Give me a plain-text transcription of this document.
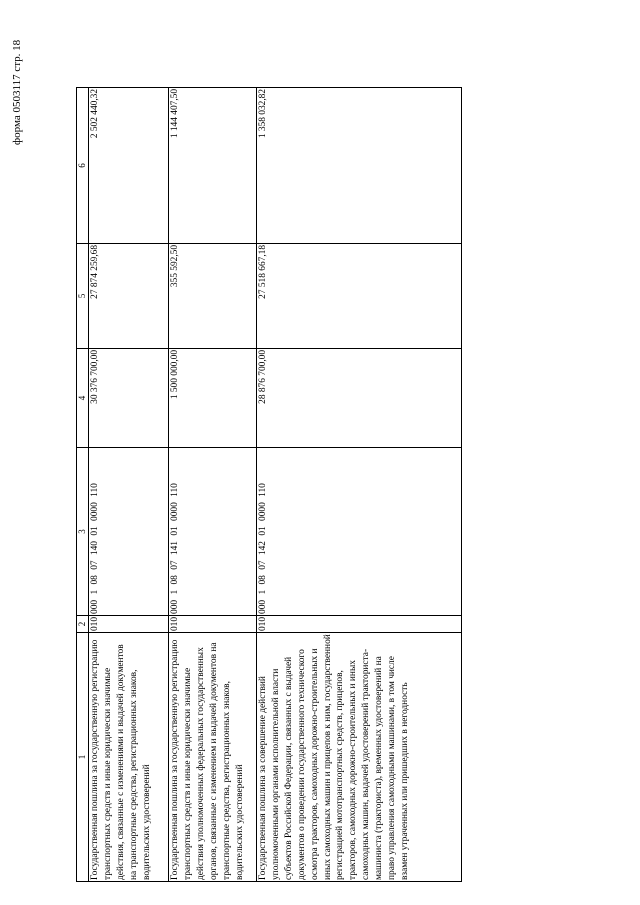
форма 0503117 стр. 18
1	2	3	4	5	6
Государственная пошлина за государственную регистрацию транспортных средств и иные юридически значимые действия, связанные с изменениями и выдачей документов на транспортные средства, регистрационных знаков, водительских удостоверений	010	000 1 08 07 140 01 0000 110	30 376 700,00	27 874 259,68	2 502 440,32
Государственная пошлина за государственную регистрацию транспортных средств и иные юридически значимые действия уполномоченных федеральных государственных органов, связанные с изменением и выдачей документов на транспортные средства, регистрационных знаков, водительских удостоверений	010	000 1 08 07 141 01 0000 110	1 500 000,00	355 592,50	1 144 407,50
Государственная пошлина за совершение действий уполномоченными органами исполнительной власти субъектов Российской Федерации, связанных с выдачей документов о проведении государственного технического осмотра тракторов, самоходных дорожно-строительных и иных самоходных машин и прицепов к ним, государственной регистрацией мототранспортных средств, прицепов, тракторов, самоходных дорожно-строительных и иных самоходных машин, выдачей удостоверений тракториста-машиниста (тракториста), временных удостоверений на право управления самоходными машинами, в том числе взамен утраченных или пришедших в негодность	010	000 1 08 07 142 01 0000 110	28 876 700,00	27 518 667,18	1 358 032,82
